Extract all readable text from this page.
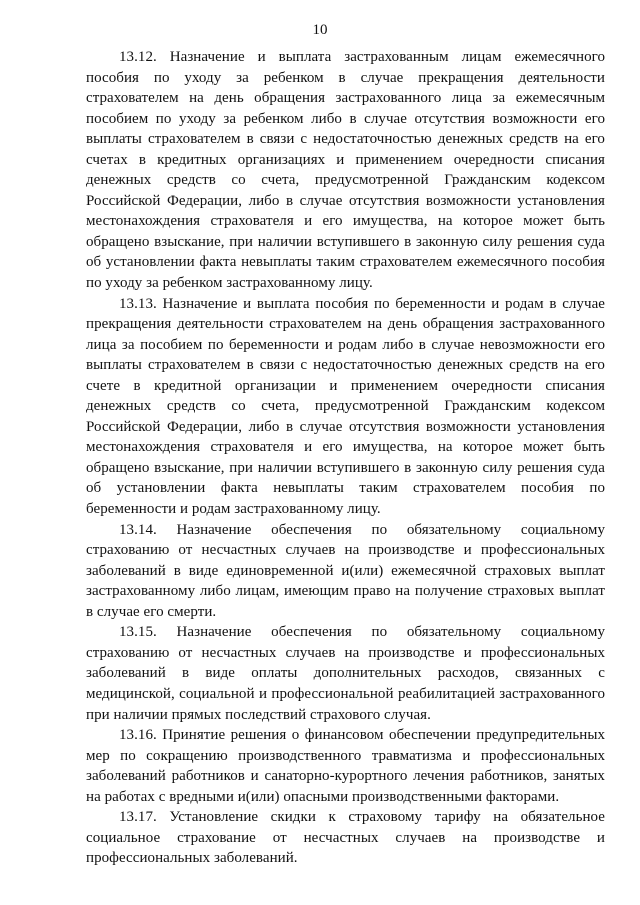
10

13.12. Назначение и выплата застрахованным лицам ежемесячного пособия по уходу за ребенком в случае прекращения деятельности страхователем на день обращения застрахованного лица за ежемесячным пособием по уходу за ребенком либо в случае отсутствия возможности его выплаты страхователем в связи с недостаточностью денежных средств на его счетах в кредитных организациях и применением очередности списания денежных средств со счета, предусмотренной Гражданским кодексом Российской Федерации, либо в случае отсутствия возможности установления местонахождения страхователя и его имущества, на которое может быть обращено взыскание, при наличии вступившего в законную силу решения суда об установлении факта невыплаты таким страхователем ежемесячного пособия по уходу за ребенком застрахованному лицу.

13.13. Назначение и выплата пособия по беременности и родам в случае прекращения деятельности страхователем на день обращения застрахованного лица за пособием по беременности и родам либо в случае невозможности его выплаты страхователем в связи с недостаточностью денежных средств на его счете в кредитной организации и применением очередности списания денежных средств со счета, предусмотренной Гражданским кодексом Российской Федерации, либо в случае отсутствия возможности установления местонахождения страхователя и его имущества, на которое может быть обращено взыскание, при наличии вступившего в законную силу решения суда об установлении факта невыплаты таким страхователем пособия по беременности и родам застрахованному лицу.

13.14. Назначение обеспечения по обязательному социальному страхованию от несчастных случаев на производстве и профессиональных заболеваний в виде единовременной и(или) ежемесячной страховых выплат застрахованному либо лицам, имеющим право на получение страховых выплат в случае его смерти.

13.15. Назначение обеспечения по обязательному социальному страхованию от несчастных случаев на производстве и профессиональных заболеваний в виде оплаты дополнительных расходов, связанных с медицинской, социальной и профессиональной реабилитацией застрахованного при наличии прямых последствий страхового случая.

13.16. Принятие решения о финансовом обеспечении предупредительных мер по сокращению производственного травматизма и профессиональных заболеваний работников и санаторно-курортного лечения работников, занятых на работах с вредными и(или) опасными производственными факторами.

13.17. Установление скидки к страховому тарифу на обязательное социальное страхование от несчастных случаев на производстве и профессиональных заболеваний.
